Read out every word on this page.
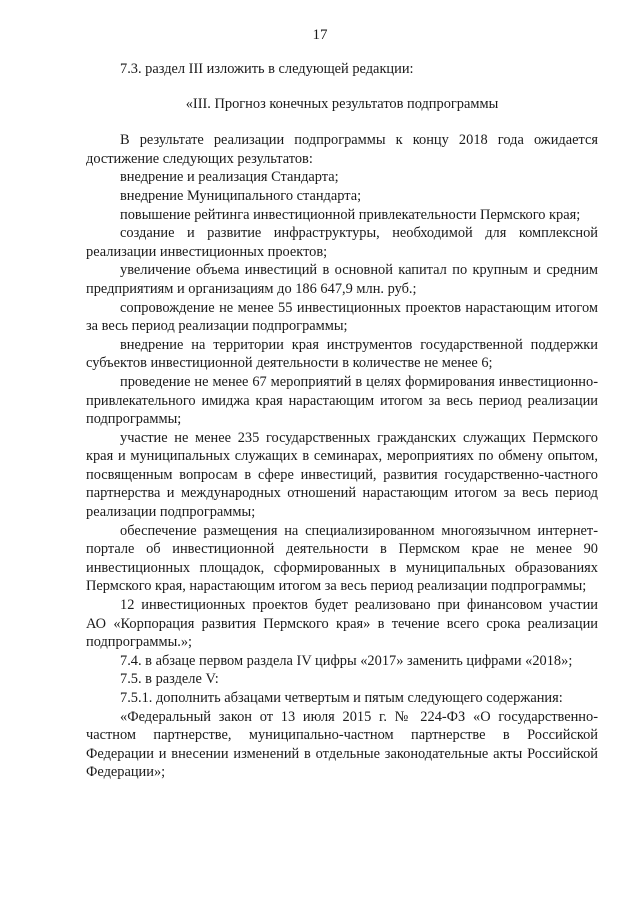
17

7.3. раздел III изложить в следующей редакции:

«III. Прогноз конечных результатов подпрограммы

В результате реализации подпрограммы к концу 2018 года ожидается достижение следующих результатов:

внедрение и реализация Стандарта;

внедрение Муниципального стандарта;

повышение рейтинга инвестиционной привлекательности Пермского края;

создание и развитие инфраструктуры, необходимой для комплексной реализации инвестиционных проектов;

увеличение объема инвестиций в основной капитал по крупным и средним предприятиям и организациям до 186 647,9 млн. руб.;

сопровождение не менее 55 инвестиционных проектов нарастающим итогом за весь период реализации подпрограммы;

внедрение на территории края инструментов государственной поддержки субъектов инвестиционной деятельности в количестве не менее 6;

проведение не менее 67 мероприятий в целях формирования инвестиционно-привлекательного имиджа края нарастающим итогом за весь период реализации подпрограммы;

участие не менее 235 государственных гражданских служащих Пермского края и муниципальных служащих в семинарах, мероприятиях по обмену опытом, посвященным вопросам в сфере инвестиций, развития государственно-частного партнерства и международных отношений нарастающим итогом за весь период реализации подпрограммы;

обеспечение размещения на специализированном многоязычном интернет-портале об инвестиционной деятельности в Пермском крае не менее 90 инвестиционных площадок, сформированных в муниципальных образованиях Пермского края, нарастающим итогом за весь период реализации подпрограммы;

12 инвестиционных проектов будет реализовано при финансовом участии АО «Корпорация развития Пермского края» в течение всего срока реализации подпрограммы.»;

7.4. в абзаце первом раздела IV цифры «2017» заменить цифрами «2018»;

7.5. в разделе V:

7.5.1. дополнить абзацами четвертым и пятым следующего содержания:

«Федеральный закон от 13 июля 2015 г. № 224-ФЗ «О государственно-частном партнерстве, муниципально-частном партнерстве в Российской Федерации и внесении изменений в отдельные законодательные акты Российской Федерации»;
